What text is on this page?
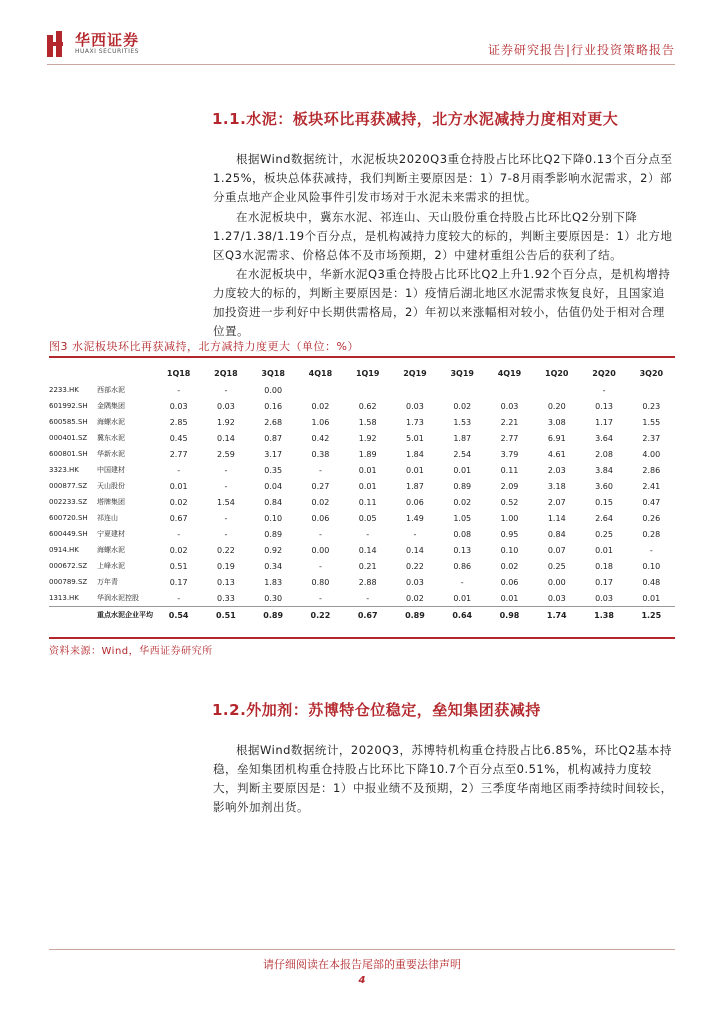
华西证券
HUAXI SECURITIES	证券研究报告|行业投资策略报告
1.1.水泥：板块环比再获减持，北方水泥减持力度相对更大
根据Wind数据统计，水泥板块2020Q3重仓持股占比环比Q2下降0.13个百分点至1.25%，板块总体获减持，我们判断主要原因是：1）7-8月雨季影响水泥需求，2）部分重点地产企业风险事件引发市场对于水泥未来需求的担忧。
在水泥板块中，冀东水泥、祁连山、天山股份重仓持股占比环比Q2分别下降1.27/1.38/1.19个百分点，是机构减持力度较大的标的，判断主要原因是：1）北方地区Q3水泥需求、价格总体不及市场预期，2）中建材重组公告后的获利了结。
在水泥板块中，华新水泥Q3重仓持股占比环比Q2上升1.92个百分点，是机构增持力度较大的标的，判断主要原因是：1）疫情后湖北地区水泥需求恢复良好，且国家追加投资进一步利好中长期供需格局，2）年初以来涨幅相对较小，估值仍处于相对合理位置。
图3 水泥板块环比再获减持，北方减持力度更大（单位：%）
		1Q18	2Q18	3Q18	4Q18	1Q19	2Q19	3Q19	4Q19	1Q20	2Q20	3Q20
2233.HK	西部水泥	-	-	0.00							-	
601992.SH	金隅集团	0.03	0.03	0.16	0.02	0.62	0.03	0.02	0.03	0.20	0.13	0.23
600585.SH	海螺水泥	2.85	1.92	2.68	1.06	1.58	1.73	1.53	2.21	3.08	1.17	1.55
000401.SZ	冀东水泥	0.45	0.14	0.87	0.42	1.92	5.01	1.87	2.77	6.91	3.64	2.37
600801.SH	华新水泥	2.77	2.59	3.17	0.38	1.89	1.84	2.54	3.79	4.61	2.08	4.00
3323.HK	中国建材	-	-	0.35	-	0.01	0.01	0.01	0.11	2.03	3.84	2.86
000877.SZ	天山股份	0.01	-	0.04	0.27	0.01	1.87	0.89	2.09	3.18	3.60	2.41
002233.SZ	塔牌集团	0.02	1.54	0.84	0.02	0.11	0.06	0.02	0.52	2.07	0.15	0.47
600720.SH	祁连山	0.67	-	0.10	0.06	0.05	1.49	1.05	1.00	1.14	2.64	0.26
600449.SH	宁夏建材	-	-	0.89	-	-	-	0.08	0.95	0.84	0.25	0.28
0914.HK	海螺水泥	0.02	0.22	0.92	0.00	0.14	0.14	0.13	0.10	0.07	0.01	-
000672.SZ	上峰水泥	0.51	0.19	0.34	-	0.21	0.22	0.86	0.02	0.25	0.18	0.10
000789.SZ	万年青	0.17	0.13	1.83	0.80	2.88	0.03	-	0.06	0.00	0.17	0.48
1313.HK	华润水泥控股	-	0.33	0.30	-	-	0.02	0.01	0.01	0.03	0.03	0.01
	重点水泥企业平均	0.54	0.51	0.89	0.22	0.67	0.89	0.64	0.98	1.74	1.38	1.25
资料来源：Wind，华西证券研究所
1.2.外加剂：苏博特仓位稳定，垒知集团获减持
根据Wind数据统计，2020Q3，苏博特机构重仓持股占比6.85%，环比Q2基本持稳，垒知集团机构重仓持股占比环比下降10.7个百分点至0.51%，机构减持力度较大，判断主要原因是：1）中报业绩不及预期，2）三季度华南地区雨季持续时间较长，影响外加剂出货。
请仔细阅读在本报告尾部的重要法律声明
4
